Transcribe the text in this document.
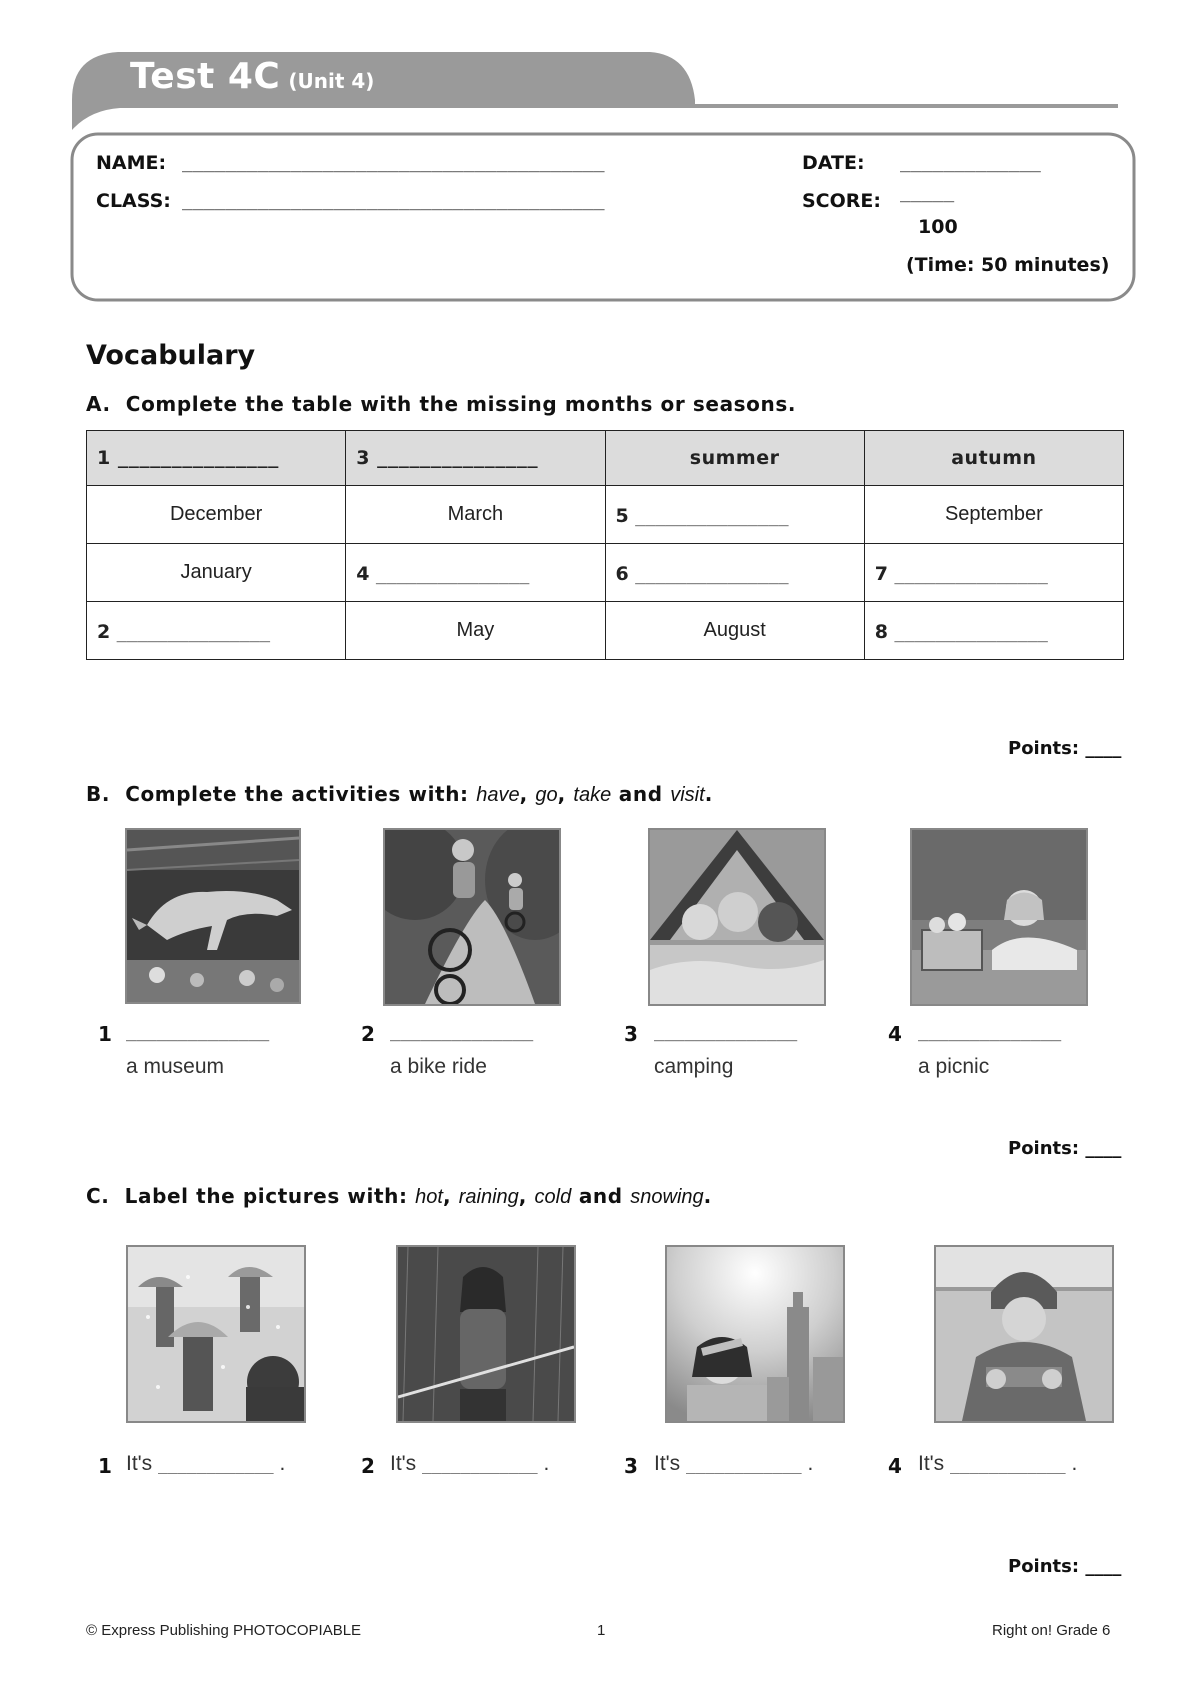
Test 4C (Unit 4)
NAME: _______________________________________
CLASS: _______________________________________
DATE: _____________
SCORE: _____
100
(Time: 50 minutes)
Vocabulary
A. Complete the table with the missing months or seasons.
1 _______________	3 _______________	summer	autumn
December	March	5 _______________	September
January	4 _______________	6 _______________	7 _______________
2 _______________	May	August	8 _______________
Points: ____
B. Complete the activities with: have, go, take and visit.
1 ______________
a museum
2 ______________
a bike ride
3 ______________
camping
4 ______________
a picnic
Points: ____
C. Label the pictures with: hot, raining, cold and snowing.
1 It's ____________ .	2 It's ____________ .	3 It's ____________ .	4 It's ____________ .
Points: ____
© Express Publishing PHOTOCOPIABLE	1	Right on! Grade 6
